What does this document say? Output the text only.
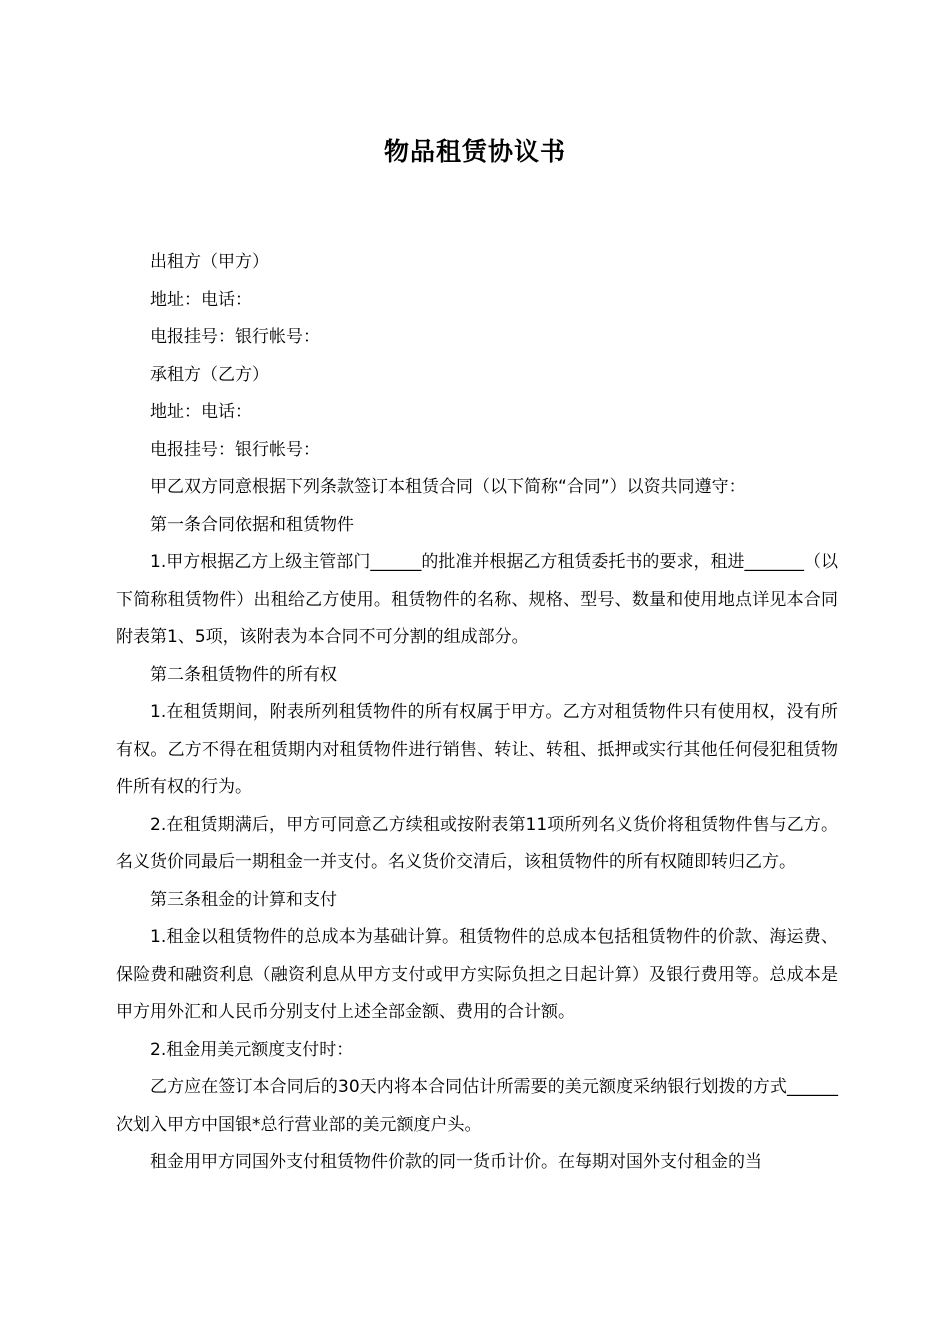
物品租赁协议书

出租方（甲方）

地址：电话：

电报挂号：银行帐号：

承租方（乙方）

地址：电话：

电报挂号：银行帐号：

甲乙双方同意根据下列条款签订本租赁合同（以下简称“合同”）以资共同遵守：

第一条合同依据和租赁物件

1.甲方根据乙方上级主管部门______的批准并根据乙方租赁委托书的要求，租进_______（以下简称租赁物件）出租给乙方使用。租赁物件的名称、规格、型号、数量和使用地点详见本合同附表第1、5项，该附表为本合同不可分割的组成部分。

第二条租赁物件的所有权

1.在租赁期间，附表所列租赁物件的所有权属于甲方。乙方对租赁物件只有使用权，没有所有权。乙方不得在租赁期内对租赁物件进行销售、转让、转租、抵押或实行其他任何侵犯租赁物件所有权的行为。

2.在租赁期满后，甲方可同意乙方续租或按附表第11项所列名义货价将租赁物件售与乙方。名义货价同最后一期租金一并支付。名义货价交清后，该租赁物件的所有权随即转归乙方。

第三条租金的计算和支付

1.租金以租赁物件的总成本为基础计算。租赁物件的总成本包括租赁物件的价款、海运费、保险费和融资利息（融资利息从甲方支付或甲方实际负担之日起计算）及银行费用等。总成本是甲方用外汇和人民币分别支付上述全部金额、费用的合计额。

2.租金用美元额度支付时：

乙方应在签订本合同后的30天内将本合同估计所需要的美元额度采纳银行划拨的方式______次划入甲方中国银*总行营业部的美元额度户头。

租金用甲方同国外支付租赁物件价款的同一货币计价。在每期对国外支付租金的当
